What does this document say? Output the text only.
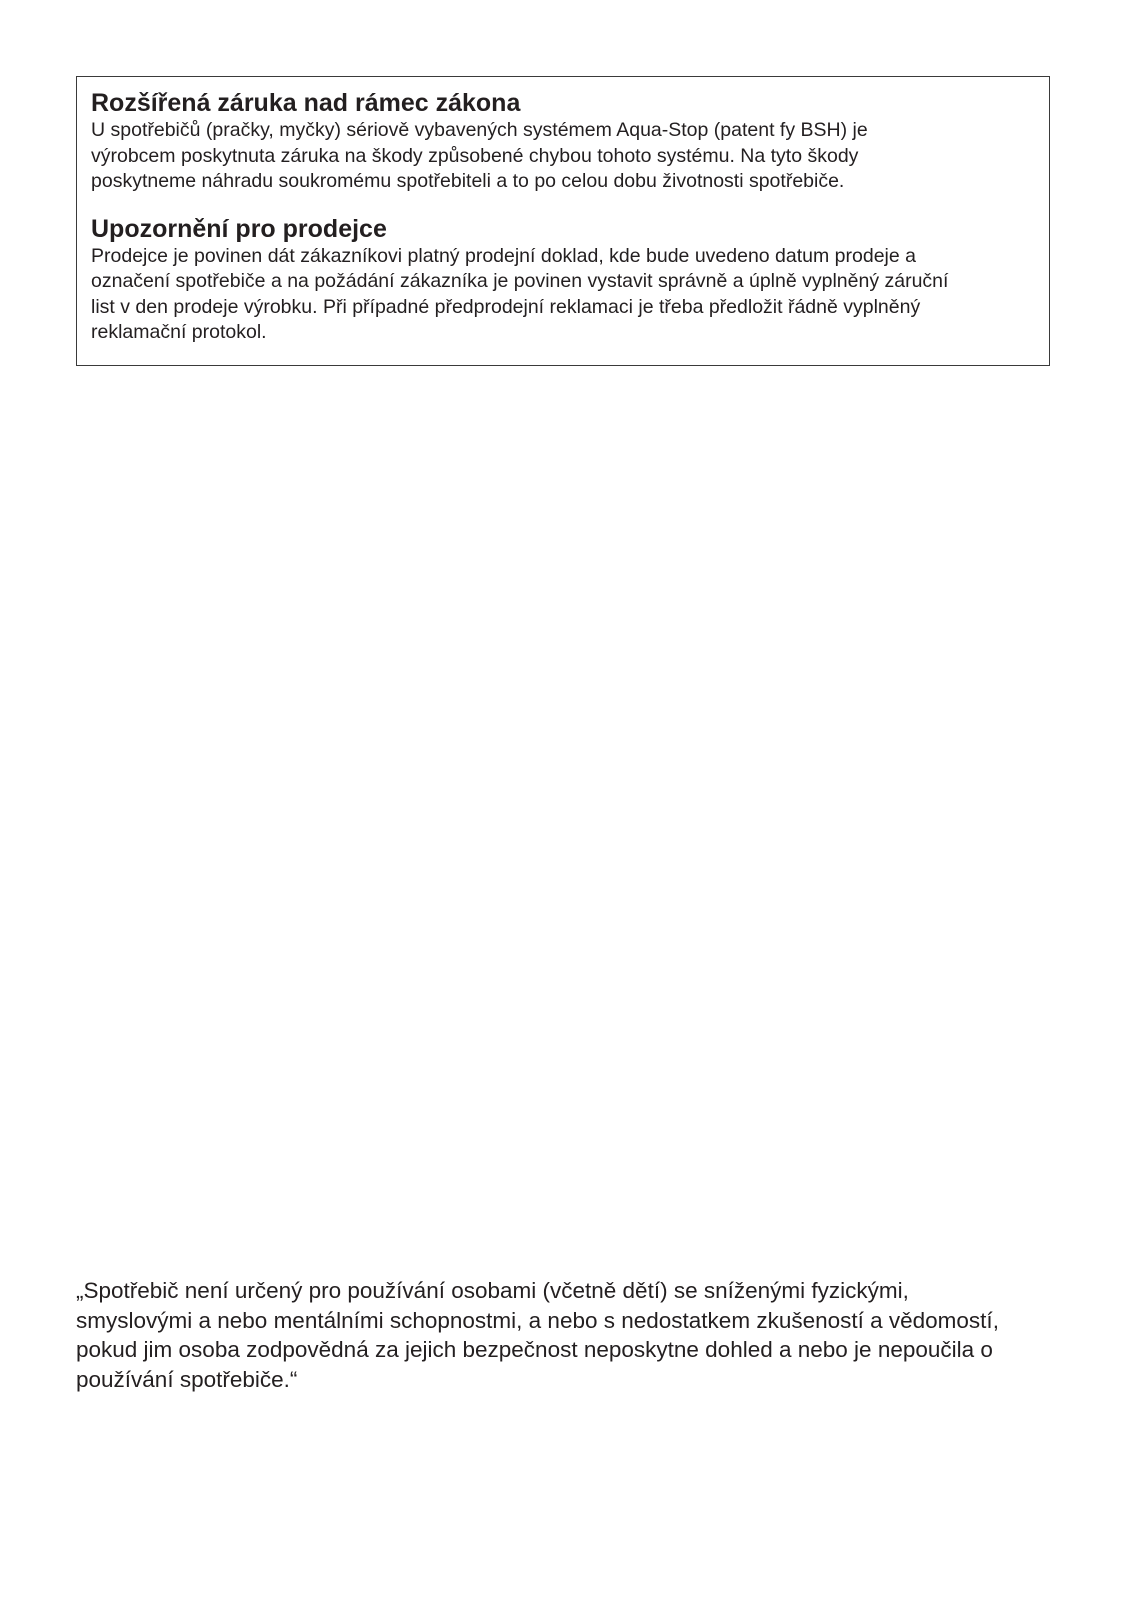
Rozšířená záruka nad rámec zákona

U spotřebičů (pračky, myčky) sériově vybavených systémem Aqua-Stop (patent fy BSH) je
výrobcem poskytnuta záruka na škody způsobené chybou tohoto systému. Na tyto škody
poskytneme náhradu soukromému spotřebiteli a to po celou dobu životnosti spotřebiče.

Upozornění pro prodejce

Prodejce je povinen dát zákazníkovi platný prodejní doklad, kde bude uvedeno datum prodeje a
označení spotřebiče a na požádání zákazníka je povinen vystavit správně a úplně vyplněný záruční
list v den prodeje výrobku. Při případné předprodejní reklamaci je třeba předložit řádně vyplněný
reklamační protokol.

„Spotřebič není určený pro používání osobami (včetně dětí) se sníženými fyzickými,
smyslovými a nebo mentálními schopnostmi, a nebo s nedostatkem zkušeností a vědomostí,
pokud jim osoba zodpovědná za jejich bezpečnost neposkytne dohled a nebo je nepoučila o
používání spotřebiče.“
